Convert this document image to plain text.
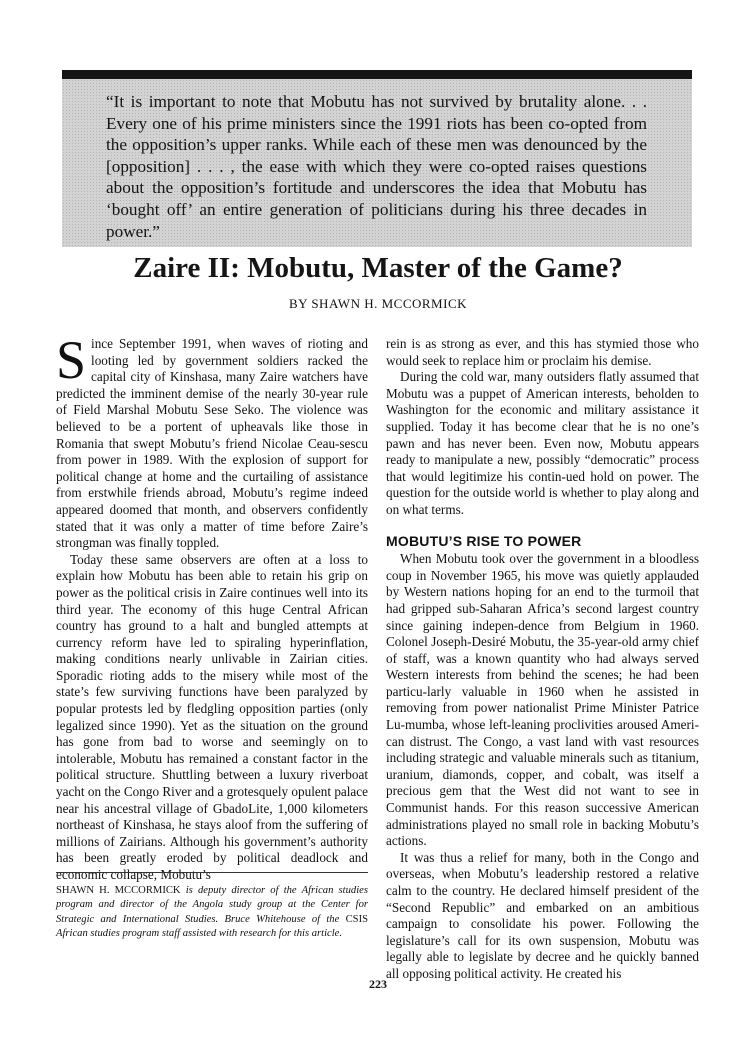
“It is important to note that Mobutu has not survived by brutality alone. . . Every one of his prime ministers since the 1991 riots has been co-opted from the opposition’s upper ranks. While each of these men was denounced by the [opposition] . . . , the ease with which they were co-opted raises questions about the opposition’s fortitude and underscores the idea that Mobutu has ‘bought off’ an entire generation of politicians during his three decades in power.”

Zaire II: Mobutu, Master of the Game?

BY SHAWN H. MCCORMICK

Since September 1991, when waves of rioting and looting led by government soldiers racked the capital city of Kinshasa, many Zaire watchers have predicted the imminent demise of the nearly 30-year rule of Field Marshal Mobutu Sese Seko. The violence was believed to be a portent of upheavals like those in Romania that swept Mobutu’s friend Nicolae Ceau-sescu from power in 1989. With the explosion of support for political change at home and the curtailing of assistance from erstwhile friends abroad, Mobutu’s regime indeed appeared doomed that month, and observers confidently stated that it was only a matter of time before Zaire’s strongman was finally toppled.

Today these same observers are often at a loss to explain how Mobutu has been able to retain his grip on power as the political crisis in Zaire continues well into its third year. The economy of this huge Central African country has ground to a halt and bungled attempts at currency reform have led to spiraling hyperinflation, making conditions nearly unlivable in Zairian cities. Sporadic rioting adds to the misery while most of the state’s few surviving functions have been paralyzed by popular protests led by fledgling opposition parties (only legalized since 1990). Yet as the situation on the ground has gone from bad to worse and seemingly on to intolerable, Mobutu has remained a constant factor in the political structure. Shuttling between a luxury riverboat yacht on the Congo River and a grotesquely opulent palace near his ancestral village of GbadoLite, 1,000 kilometers northeast of Kinshasa, he stays aloof from the suffering of millions of Zairians. Although his government’s authority has been greatly eroded by political deadlock and economic collapse, Mobutu’s

rein is as strong as ever, and this has stymied those who would seek to replace him or proclaim his demise.

During the cold war, many outsiders flatly assumed that Mobutu was a puppet of American interests, beholden to Washington for the economic and military assistance it supplied. Today it has become clear that he is no one’s pawn and has never been. Even now, Mobutu appears ready to manipulate a new, possibly “democratic” process that would legitimize his contin-ued hold on power. The question for the outside world is whether to play along and on what terms.

MOBUTU’S RISE TO POWER

When Mobutu took over the government in a bloodless coup in November 1965, his move was quietly applauded by Western nations hoping for an end to the turmoil that had gripped sub-Saharan Africa’s second largest country since gaining indepen-dence from Belgium in 1960. Colonel Joseph-Desiré Mobutu, the 35-year-old army chief of staff, was a known quantity who had always served Western interests from behind the scenes; he had been particu-larly valuable in 1960 when he assisted in removing from power nationalist Prime Minister Patrice Lu-mumba, whose left-leaning proclivities aroused Ameri-can distrust. The Congo, a vast land with vast resources including strategic and valuable minerals such as titanium, uranium, diamonds, copper, and cobalt, was itself a precious gem that the West did not want to see in Communist hands. For this reason successive American administrations played no small role in backing Mobutu’s actions.

It was thus a relief for many, both in the Congo and overseas, when Mobutu’s leadership restored a relative calm to the country. He declared himself president of the “Second Republic” and embarked on an ambitious campaign to consolidate his power. Following the legislature’s call for its own suspension, Mobutu was legally able to legislate by decree and he quickly banned all opposing political activity. He created his

SHAWN H. MCCORMICK is deputy director of the African studies program and director of the Angola study group at the Center for Strategic and International Studies. Bruce Whitehouse of the CSIS African studies program staff assisted with research for this article.
223
